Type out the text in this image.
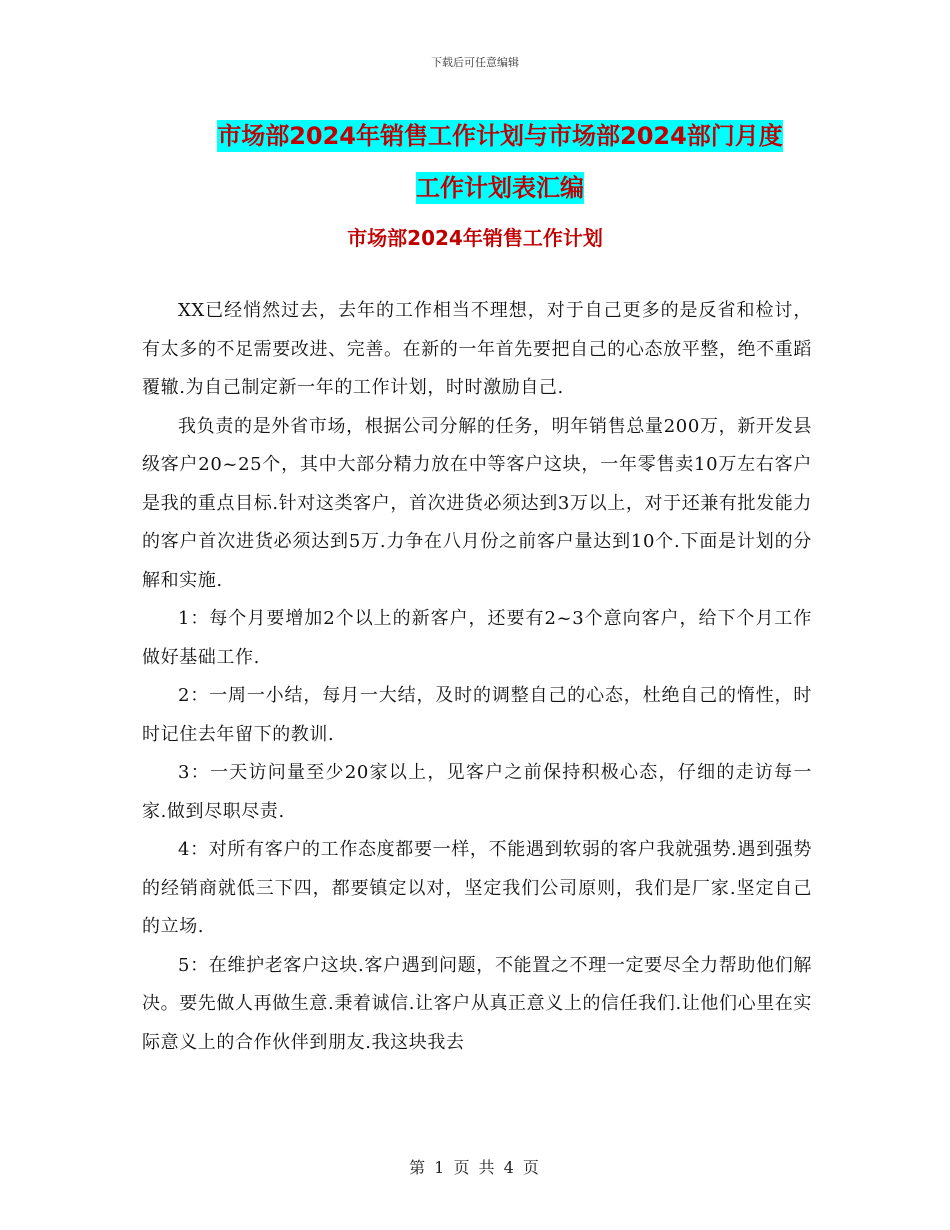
下载后可任意编辑
市场部2024年销售工作计划与市场部2024部门月度
工作计划表汇编
市场部2024年销售工作计划

XX已经悄然过去，去年的工作相当不理想，对于自己更多的是反省和检讨，有太多的不足需要改进、完善。在新的一年首先要把自己的心态放平整，绝不重蹈覆辙.为自己制定新一年的工作计划，时时激励自己.

我负责的是外省市场，根据公司分解的任务，明年销售总量200万，新开发县级客户20~25个，其中大部分精力放在中等客户这块，一年零售卖10万左右客户是我的重点目标.针对这类客户，首次进货必须达到3万以上，对于还兼有批发能力的客户首次进货必须达到5万.力争在八月份之前客户量达到10个.下面是计划的分解和实施.

1：每个月要增加2个以上的新客户，还要有2~3个意向客户，给下个月工作做好基础工作.

2：一周一小结，每月一大结，及时的调整自己的心态，杜绝自己的惰性，时时记住去年留下的教训.

3：一天访问量至少20家以上，见客户之前保持积极心态，仔细的走访每一家.做到尽职尽责.

4：对所有客户的工作态度都要一样，不能遇到软弱的客户我就强势.遇到强势的经销商就低三下四，都要镇定以对，坚定我们公司原则，我们是厂家.坚定自己的立场.

5：在维护老客户这块.客户遇到问题，不能置之不理一定要尽全力帮助他们解决。要先做人再做生意.秉着诚信.让客户从真正意义上的信任我们.让他们心里在实际意义上的合作伙伴到朋友.我这块我去

第 1 页 共 4 页
